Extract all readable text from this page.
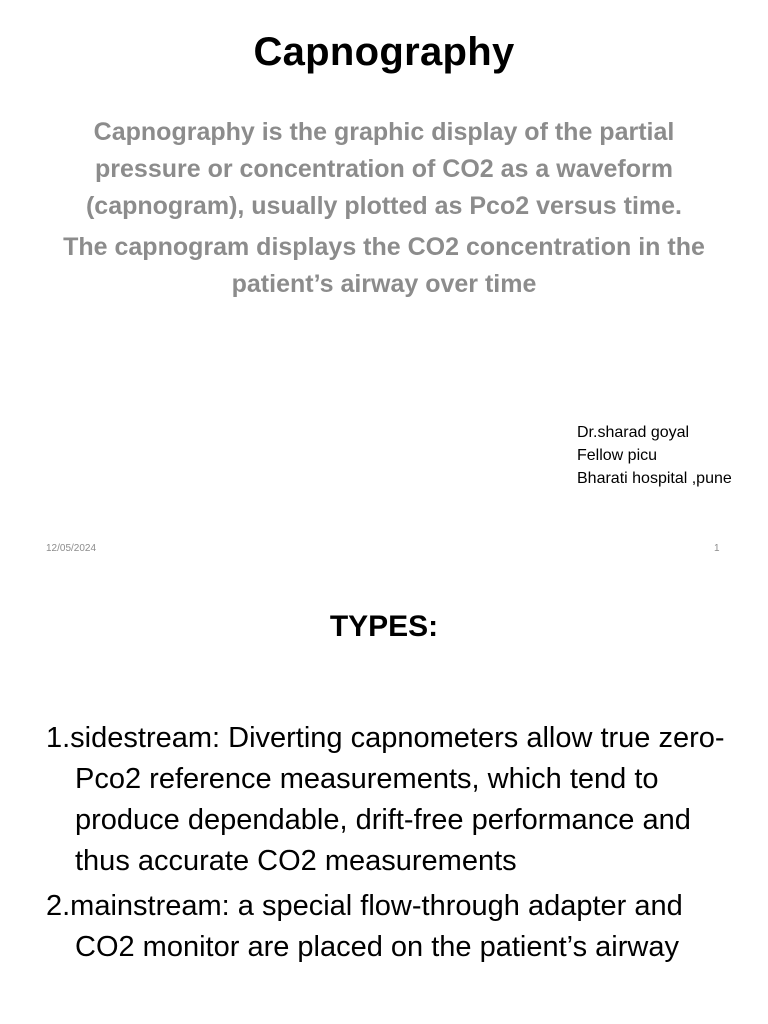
Capnography

Capnography is the graphic display of the partial pressure or concentration of CO2 as a waveform (capnogram), usually plotted as Pco2 versus time.

The capnogram displays the CO2 concentration in the patient’s airway over time

Dr.sharad goyal
Fellow picu
Bharati hospital ,pune
12/05/2024	1
TYPES:
1.sidestream: Diverting capnometers allow true zero-Pco2 reference measurements, which tend to produce dependable, drift-free performance and thus accurate CO2 measurements
2.mainstream: a special flow-through adapter and CO2 monitor are placed on the patient’s airway
